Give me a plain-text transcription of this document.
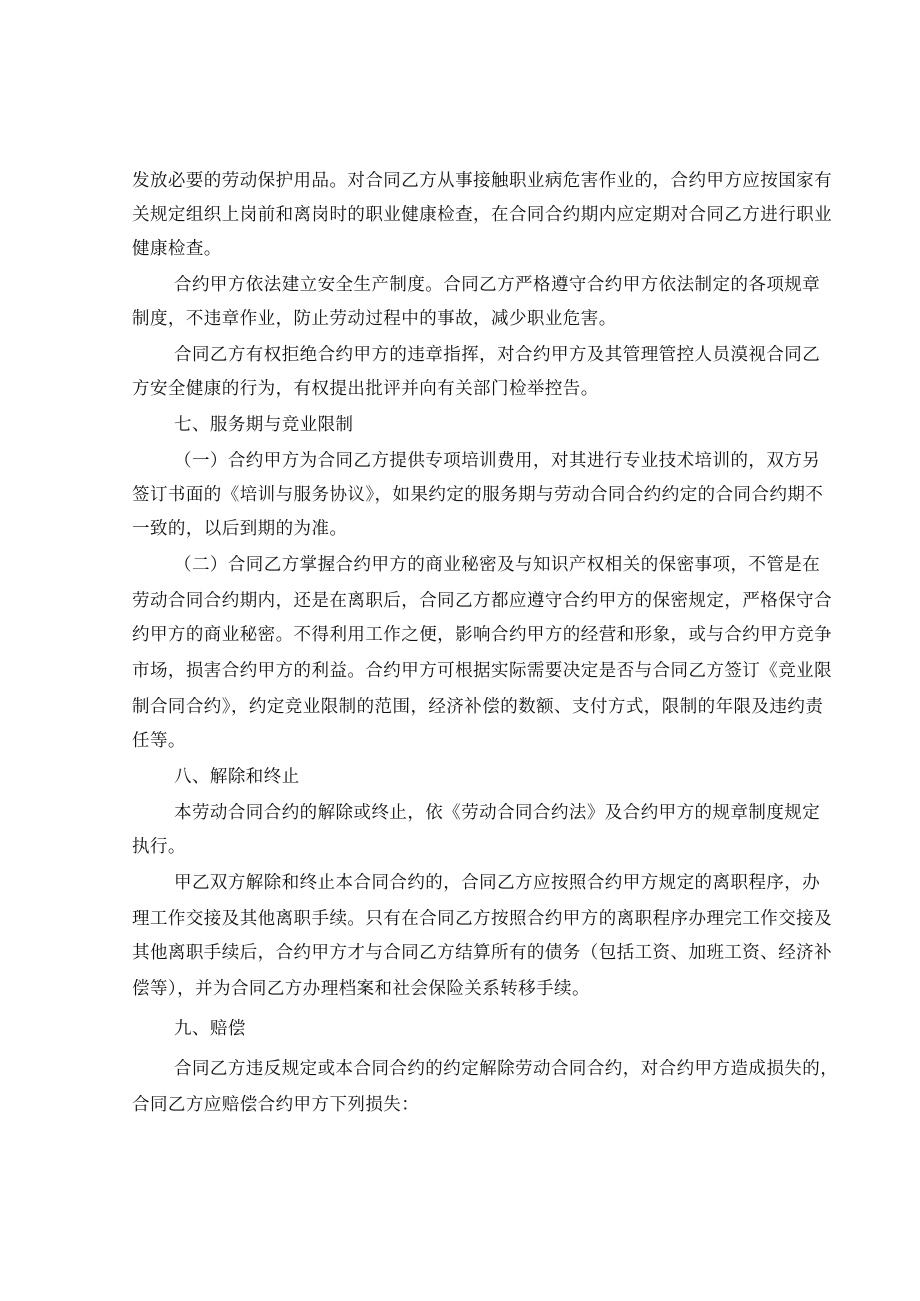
发放必要的劳动保护用品。对合同乙方从事接触职业病危害作业的，合约甲方应按国家有
关规定组织上岗前和离岗时的职业健康检查，在合同合约期内应定期对合同乙方进行职业
健康检查。
合约甲方依法建立安全生产制度。合同乙方严格遵守合约甲方依法制定的各项规章
制度，不违章作业，防止劳动过程中的事故，减少职业危害。
合同乙方有权拒绝合约甲方的违章指挥，对合约甲方及其管理管控人员漠视合同乙
方安全健康的行为，有权提出批评并向有关部门检举控告。
七、服务期与竞业限制
（一）合约甲方为合同乙方提供专项培训费用，对其进行专业技术培训的，双方另
签订书面的《培训与服务协议》，如果约定的服务期与劳动合同合约约定的合同合约期不
一致的，以后到期的为准。
（二）合同乙方掌握合约甲方的商业秘密及与知识产权相关的保密事项，不管是在
劳动合同合约期内，还是在离职后，合同乙方都应遵守合约甲方的保密规定，严格保守合
约甲方的商业秘密。不得利用工作之便，影响合约甲方的经营和形象，或与合约甲方竞争
市场，损害合约甲方的利益。合约甲方可根据实际需要决定是否与合同乙方签订《竞业限
制合同合约》，约定竞业限制的范围，经济补偿的数额、支付方式，限制的年限及违约责
任等。
八、解除和终止
本劳动合同合约的解除或终止，依《劳动合同合约法》及合约甲方的规章制度规定
执行。
甲乙双方解除和终止本合同合约的，合同乙方应按照合约甲方规定的离职程序，办
理工作交接及其他离职手续。只有在合同乙方按照合约甲方的离职程序办理完工作交接及
其他离职手续后，合约甲方才与合同乙方结算所有的债务（包括工资、加班工资、经济补
偿等），并为合同乙方办理档案和社会保险关系转移手续。
九、赔偿
合同乙方违反规定或本合同合约的约定解除劳动合同合约，对合约甲方造成损失的，
合同乙方应赔偿合约甲方下列损失：
